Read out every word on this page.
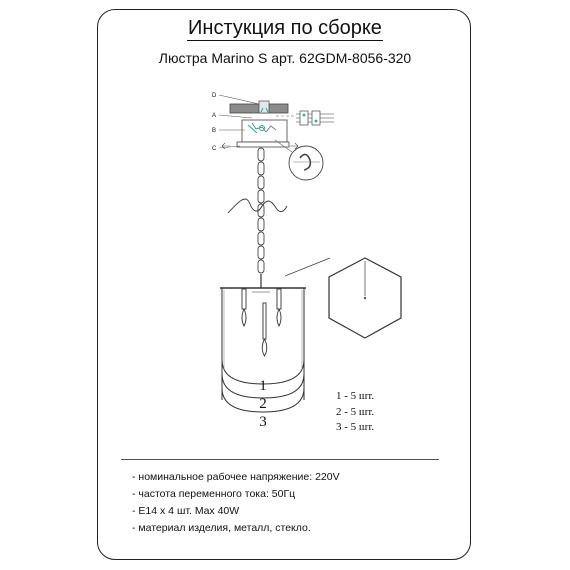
Инстукция по сборке
Люстра Marino S арт. 62GDM-8056-320
1
2
3
D
A
B
C
1 - 5 шт.
2 - 5 шт.
3 - 5 шт.
- номинальное рабочее напряжение: 220V
- частота переменного тока: 50Гц
- E14 x 4 шт. Max 40W
- материал изделия, металл, стекло.
